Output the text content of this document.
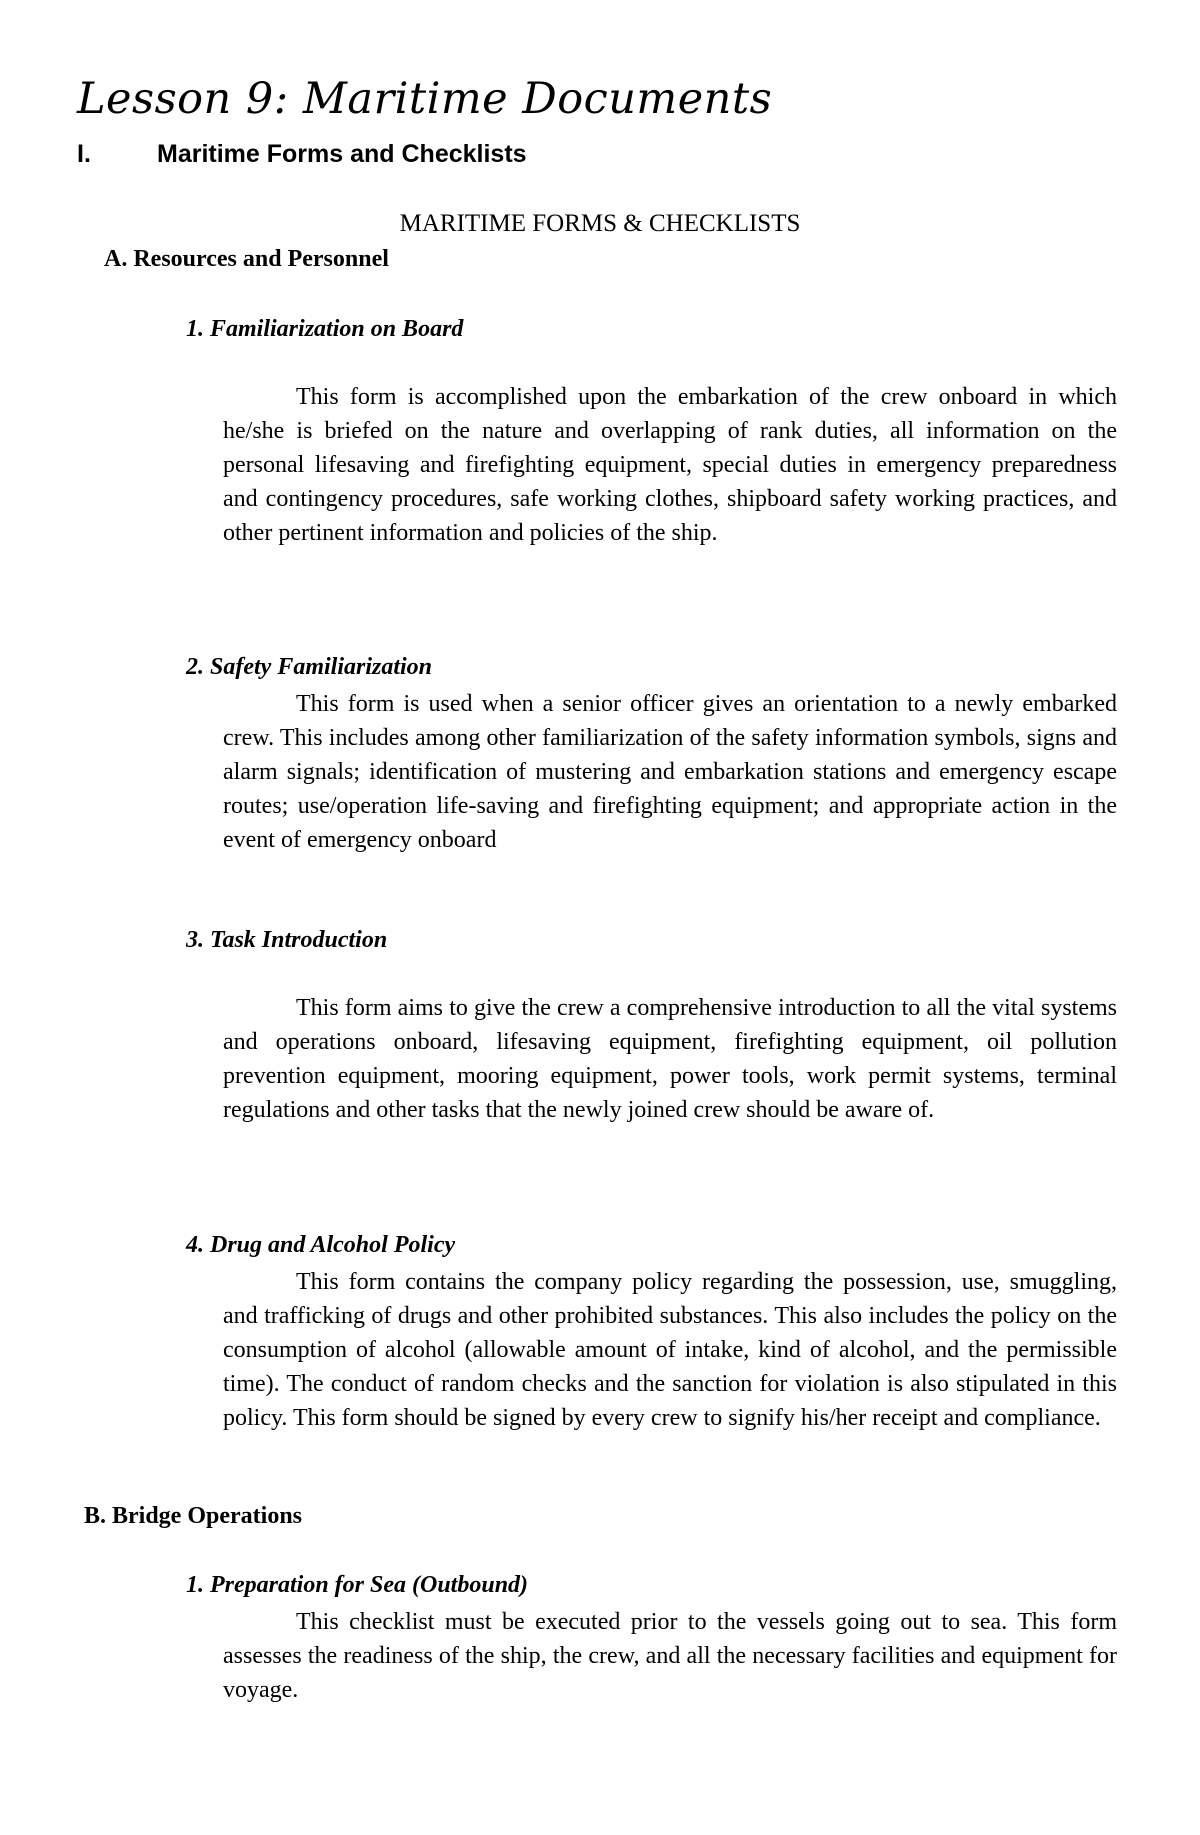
Lesson 9: Maritime Documents
I.	Maritime Forms and Checklists
MARITIME FORMS & CHECKLISTS
A. Resources and Personnel
1. Familiarization on Board
This form is accomplished upon the embarkation of the crew onboard in which he/she is briefed on the nature and overlapping of rank duties, all information on the personal lifesaving and firefighting equipment, special duties in emergency preparedness and contingency procedures, safe working clothes, shipboard safety working practices, and other pertinent information and policies of the ship.
2. Safety Familiarization
This form is used when a senior officer gives an orientation to a newly embarked crew. This includes among other familiarization of the safety information symbols, signs and alarm signals; identification of mustering and embarkation stations and emergency escape routes; use/operation life-saving and firefighting equipment; and appropriate action in the event of emergency onboard
3. Task Introduction
This form aims to give the crew a comprehensive introduction to all the vital systems and operations onboard, lifesaving equipment, firefighting equipment, oil pollution prevention equipment, mooring equipment, power tools, work permit systems, terminal regulations and other tasks that the newly joined crew should be aware of.
4. Drug and Alcohol Policy
This form contains the company policy regarding the possession, use, smuggling, and trafficking of drugs and other prohibited substances. This also includes the policy on the consumption of alcohol (allowable amount of intake, kind of alcohol, and the permissible time). The conduct of random checks and the sanction for violation is also stipulated in this policy. This form should be signed by every crew to signify his/her receipt and compliance.
B. Bridge Operations
1. Preparation for Sea (Outbound)
This checklist must be executed prior to the vessels going out to sea. This form assesses the readiness of the ship, the crew, and all the necessary facilities and equipment for voyage.
